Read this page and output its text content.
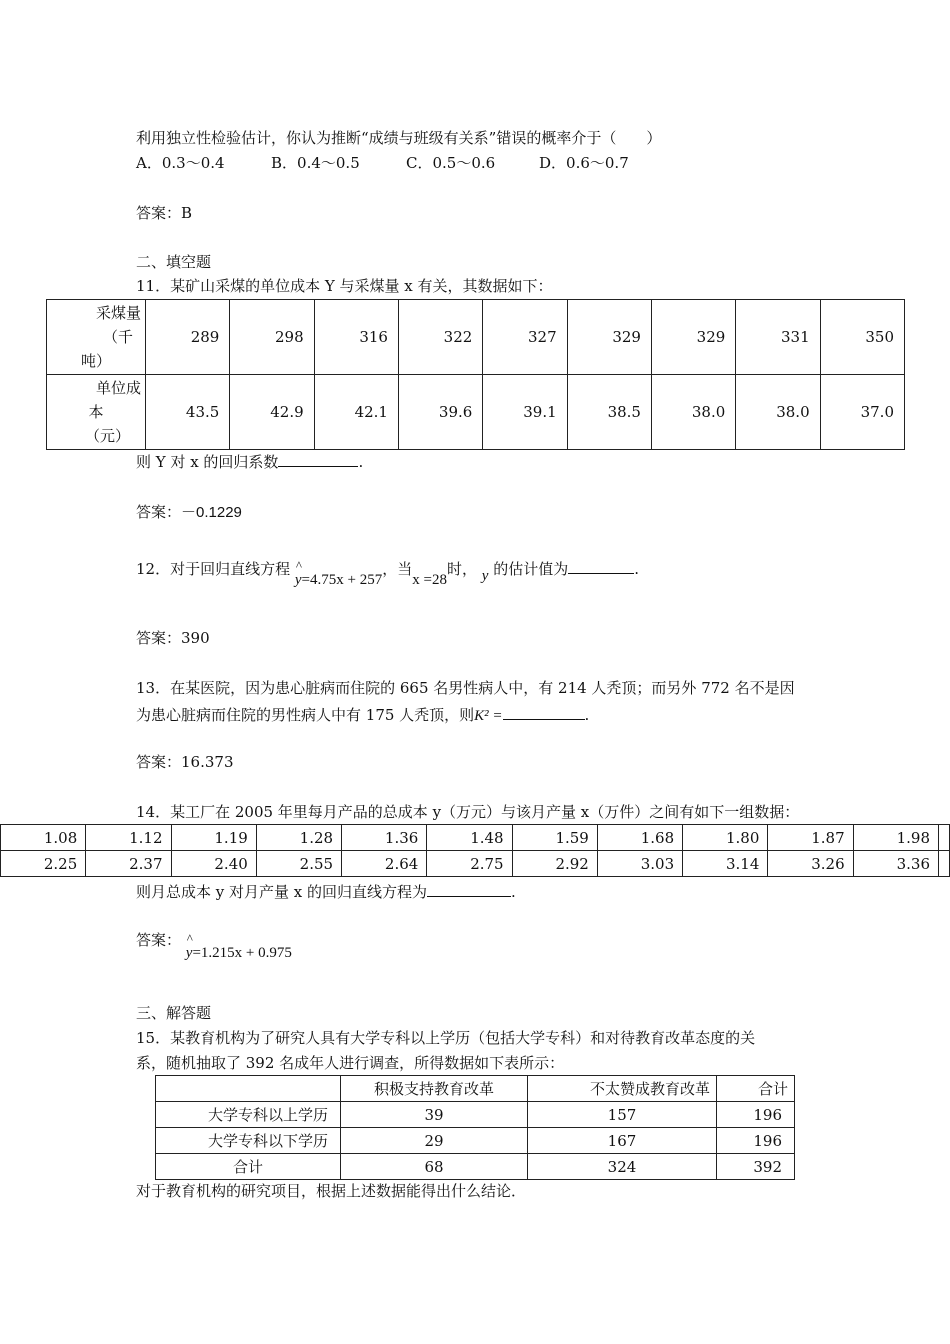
利用独立性检验估计，你认为推断“成绩与班级有关系”错误的概率介于（　　）
A．0.3～0.4	B．0.4～0.5	C．0.5～0.6	D．0.6～0.7
答案：B
二、填空题
11．某矿山采煤的单位成本 Y 与采煤量 x 有关，其数据如下：
采煤量
（千
吨）	289	298	316	322	327	329	329	331	350

单位成
本
（元）	43.5	42.9	42.1	39.6	39.1	38.5	38.0	38.0	37.0
则 Y 对 x 的回归系数	.
答案：－0.1229
12．对于回归直线方程 ^ y=4.75x + 257，当x =28时， y 的估计值为	.
答案：390
13．在某医院，因为患心脏病而住院的 665 名男性病人中，有 214 人秃顶；而另外 772 名不是因
为患心脏病而住院的男性病人中有 175 人秃顶，则K² =	.
答案：16.373
14．某工厂在 2005 年里每月产品的总成本 y（万元）与该月产量 x（万件）之间有如下一组数据：
1.08	1.12	1.19	1.28	1.36	1.48	1.59	1.68	1.80	1.87	1.98	
2.25	2.37	2.40	2.55	2.64	2.75	2.92	3.03	3.14	3.26	3.36	
则月总成本 y 对月产量 x 的回归直线方程为	.
答案： ^ y=1.215x + 0.975
三、解答题
15．某教育机构为了研究人具有大学专科以上学历（包括大学专科）和对待教育改革态度的关
系，随机抽取了 392 名成年人进行调查，所得数据如下表所示：
	积极支持教育改革	不太赞成教育改革	合计
大学专科以上学历	39	157	196
大学专科以下学历	29	167	196
合计	68	324	392
对于教育机构的研究项目，根据上述数据能得出什么结论．
